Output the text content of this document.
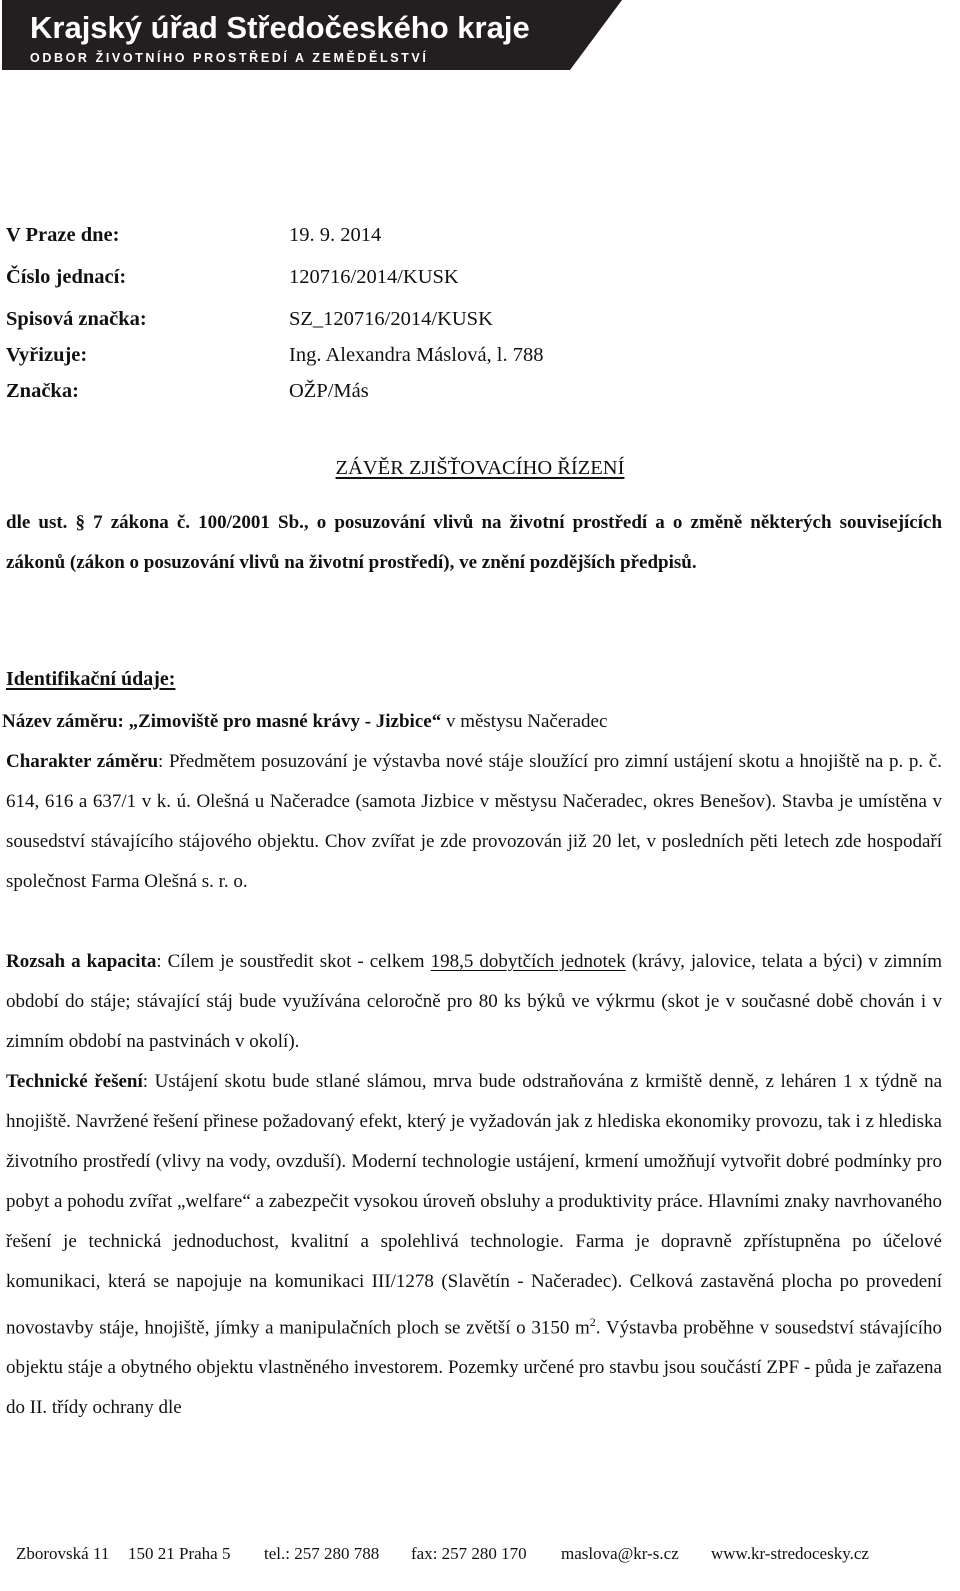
Krajský úřad Středočeského kraje
ODBOR ŽIVOTNÍHO PROSTŘEDÍ A ZEMĚDĚLSTVÍ
V Praze dne:	19. 9. 2014
Číslo jednací:	120716/2014/KUSK
Spisová značka:	SZ_120716/2014/KUSK
Vyřizuje:	Ing. Alexandra Máslová, l. 788
Značka:	OŽP/Más
ZÁVĚR ZJIŠŤOVACÍHO ŘÍZENÍ
dle ust. § 7 zákona č. 100/2001 Sb., o posuzování vlivů na životní prostředí a o změně některých souvisejících zákonů (zákon o posuzování vlivů na životní prostředí), ve znění pozdějších předpisů.
Identifikační údaje:
Název záměru: „Zimoviště pro masné krávy - Jizbice“ v městysu Načeradec
Charakter záměru: Předmětem posuzování je výstavba nové stáje sloužící pro zimní ustájení skotu a hnojiště na p. p. č. 614, 616 a 637/1 v k. ú. Olešná u Načeradce (samota Jizbice v městysu Načeradec, okres Benešov). Stavba je umístěna v sousedství stávajícího stájového objektu. Chov zvířat je zde provozován již 20 let, v posledních pěti letech zde hospodaří společnost Farma Olešná s. r. o.
Rozsah a kapacita: Cílem je soustředit skot - celkem 198,5 dobytčích jednotek (krávy, jalovice, telata a býci) v zimním období do stáje; stávající stáj bude využívána celoročně pro 80 ks býků ve výkrmu (skot je v současné době chován i v zimním období na pastvinách v okolí).
Technické řešení: Ustájení skotu bude stlané slámou, mrva bude odstraňována z krmiště denně, z leháren 1 x týdně na hnojiště. Navržené řešení přinese požadovaný efekt, který je vyžadován jak z hlediska ekonomiky provozu, tak i z hlediska životního prostředí (vlivy na vody, ovzduší). Moderní technologie ustájení, krmení umožňují vytvořit dobré podmínky pro pobyt a pohodu zvířat „welfare“ a zabezpečit vysokou úroveň obsluhy a produktivity práce. Hlavními znaky navrhovaného řešení je technická jednoduchost, kvalitní a spolehlivá technologie. Farma je dopravně zpřístupněna po účelové komunikaci, která se napojuje na komunikaci III/1278 (Slavětín - Načeradec). Celková zastavěná plocha po provedení novostavby stáje, hnojiště, jímky a manipulačních ploch se zvětší o 3150 $m^2$. Výstavba proběhne v sousedství stávajícího objektu stáje a obytného objektu vlastněného investorem. Pozemky určené pro stavbu jsou součástí ZPF - půda je zařazena do II. třídy ochrany dle
Zborovská 11	150 21 Praha 5	tel.: 257 280 788	fax: 257 280 170	maslova@kr-s.cz	www.kr-stredocesky.cz
